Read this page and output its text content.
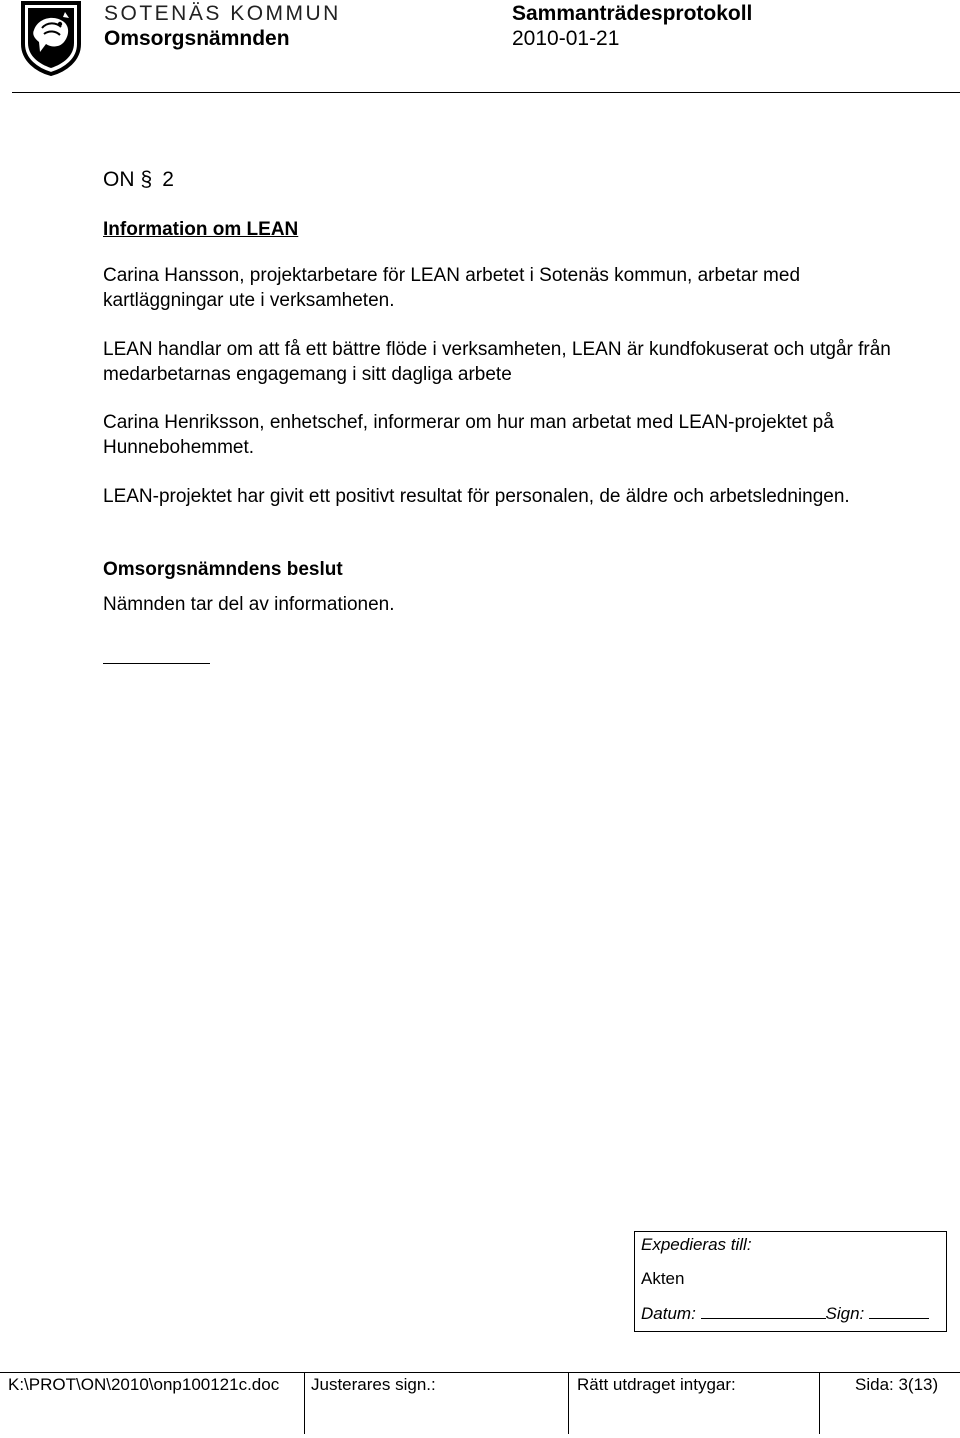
SOTENÄS KOMMUN
Omsorgsnämnden
Sammanträdesprotokoll
2010-01-21
ON § 2
Information om LEAN
Carina Hansson, projektarbetare för LEAN arbetet i Sotenäs kommun, arbetar med kartläggningar ute i verksamheten.
LEAN handlar om att få ett bättre flöde i verksamheten, LEAN är kundfokuserat och utgår från medarbetarnas engagemang i sitt dagliga arbete
Carina Henriksson, enhetschef, informerar om hur man arbetat med LEAN-projektet på Hunnebohemmet.
LEAN-projektet har givit ett positivt resultat för personalen, de äldre och arbetsledningen.
Omsorgsnämndens beslut
Nämnden tar del av informationen.
Expedieras till:
Akten
Datum:	Sign:
K:\PROT\ON\2010\onp100121c.doc Justerares sign.:	Rätt utdraget intygar:	Sida: 3(13)
